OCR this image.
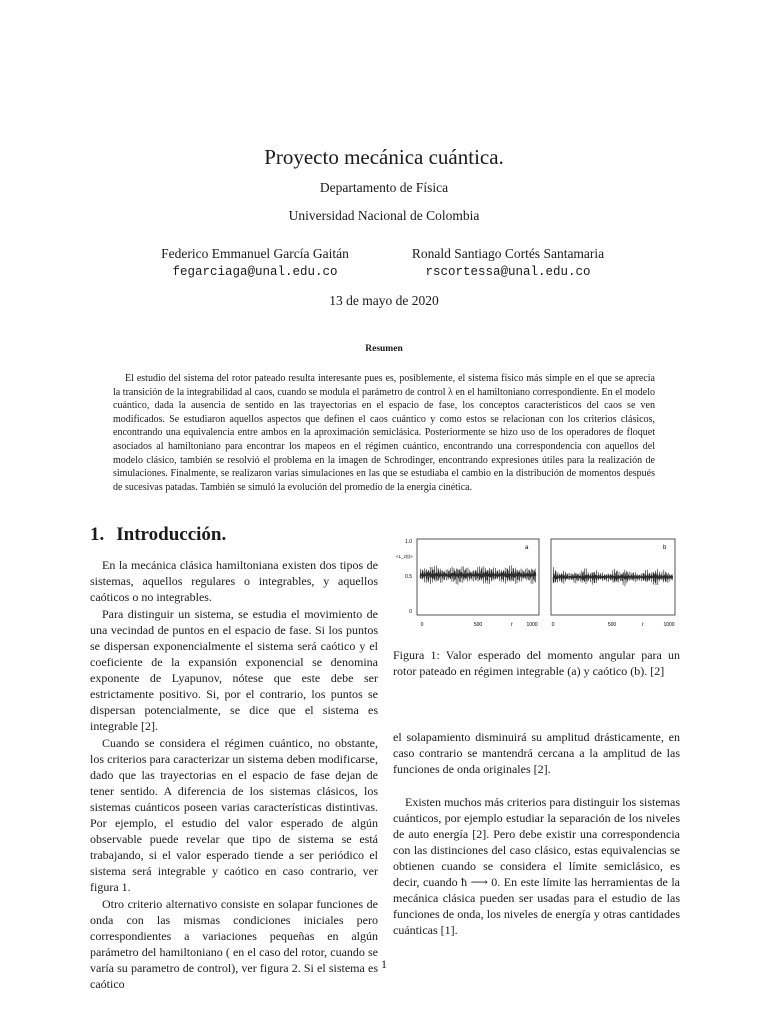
Proyecto mecánica cuántica.
Departamento de Física
Universidad Nacional de Colombia
Federico Emmanuel García Gaitán
fegarciaga@unal.edu.co
Ronald Santiago Cortés Santamaria
rscortessa@unal.edu.co
13 de mayo de 2020
Resumen

El estudio del sistema del rotor pateado resulta interesante pues es, posiblemente, el sistema físico más simple en el que se aprecia la transición de la integrabilidad al caos, cuando se modula el parámetro de control λ en el hamiltoniano correspondiente. En el modelo cuántico, dada la ausencia de sentido en las trayectorias en el espacio de fase, los conceptos característicos del caos se ven modificados. Se estudiaron aquellos aspectos que definen el caos cuántico y como estos se relacionan con los criterios clásicos, encontrando una equivalencia entre ambos en la aproximación semiclásica. Posteriormente se hizo uso de los operadores de floquet asociados al hamiltoniano para encontrar los mapeos en el régimen cuántico, encontrando una correspondencia con aquellos del modelo clásico, también se resolvió el problema en la imagen de Schrodinger, encontrando expresiones útiles para la realización de simulaciones. Finalmente, se realizaron varias simulaciones en las que se estudiaba el cambio en la distribución de momentos después de sucesivas patadas. También se simuló la evolución del promedio de la energía cinética.

1. Introducción.

En la mecánica clásica hamiltoniana existen dos tipos de sistemas, aquellos regulares o integrables, y aquellos caóticos o no integrables.

Para distinguir un sistema, se estudia el movimiento de una vecindad de puntos en el espacio de fase. Si los puntos se dispersan exponencialmente el sistema será caótico y el coeficiente de la expansión exponencial se denomina exponente de Lyapunov, nótese que este debe ser estrictamente positivo. Si, por el contrario, los puntos se dispersan potencialmente, se dice que el sistema es integrable [2].

Cuando se considera el régimen cuántico, no obstante, los criterios para caracterizar un sistema deben modificarse, dado que las trayectorias en el espacio de fase dejan de tener sentido. A diferencia de los sistemas clásicos, los sistemas cuánticos poseen varias características distintivas. Por ejemplo, el estudio del valor esperado de algún observable puede revelar que tipo de sistema se está trabajando, si el valor esperado tiende a ser periódico el sistema será integrable y caótico en caso contrario, ver figura 1.

Otro criterio alternativo consiste en solapar funciones de onda con las mismas condiciones iniciales pero correspondientes a variaciones pequeñas en algún parámetro del hamiltoniano ( en el caso del rotor, cuando se varía su parametro de control), ver figura 2. Si el sistema es caótico

1.0
0.5
0
<L_z(t)>
0	500	1000
t
a
0	500	1000
t
b

Figura 1: Valor esperado del momento angular para un rotor pateado en régimen integrable (a) y caótico (b). [2]

el solapamiento disminuirá su amplitud drásticamente, en caso contrario se mantendrá cercana a la amplitud de las funciones de onda originales [2].

Existen muchos más criterios para distinguir los sistemas cuánticos, por ejemplo estudiar la separación de los niveles de auto energía [2]. Pero debe existir una correspondencia con las distinciones del caso clásico, estas equivalencias se obtienen cuando se considera el límite semiclásico, es decir, cuando ħ ⟶ 0. En este límite las herramientas de la mecánica clásica pueden ser usadas para el estudio de las funciones de onda, los niveles de energía y otras cantidades cuánticas [1].

1
